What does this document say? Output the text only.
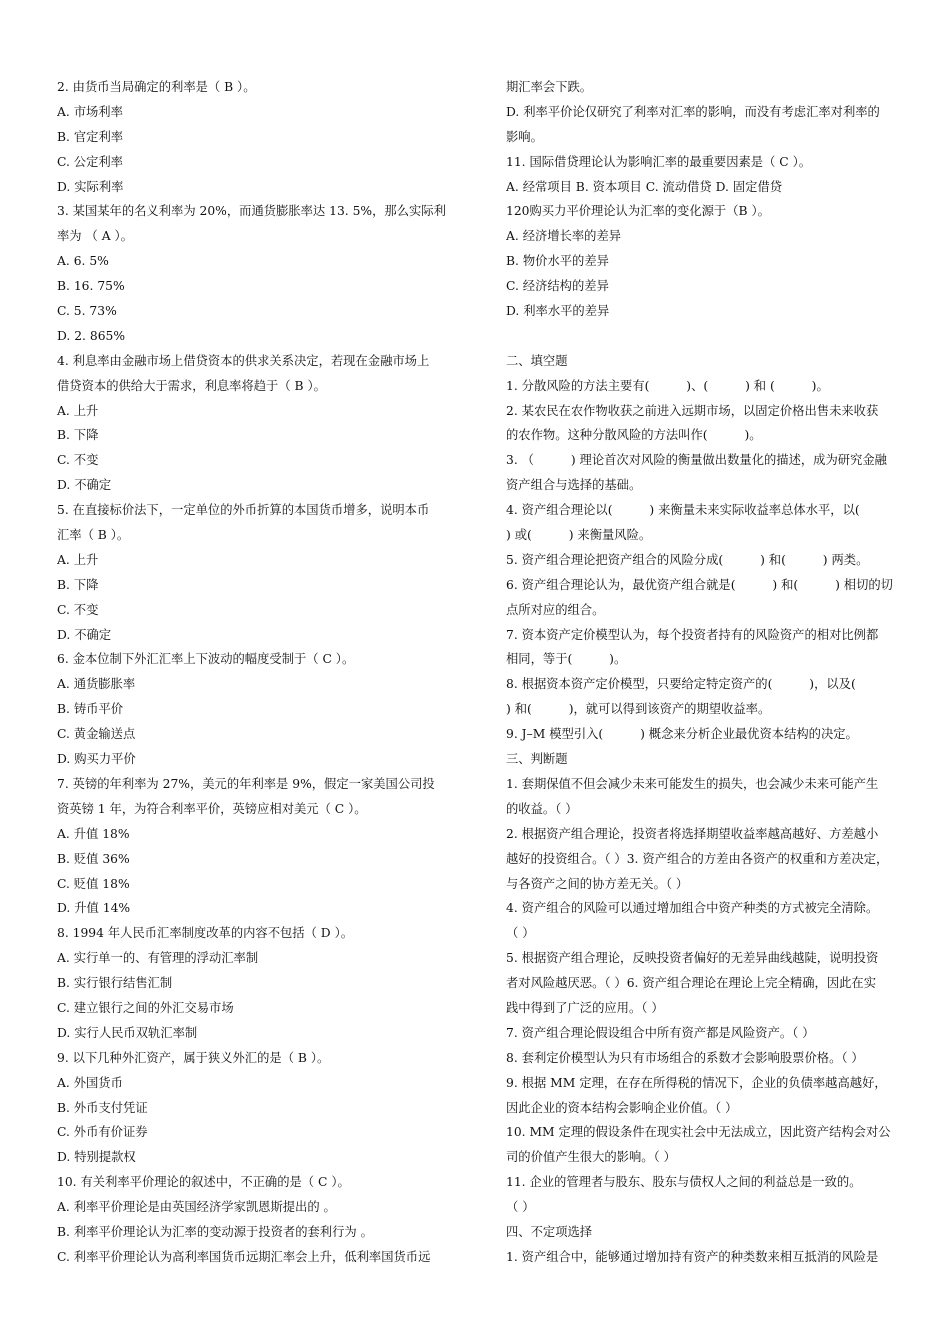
2. 由货币当局确定的利率是（ B ）。
A. 市场利率
B. 官定利率
C. 公定利率
D. 实际利率
3. 某国某年的名义利率为 20%，而通货膨胀率达 13. 5%，那么实际利
率为 （ A ）。
A. 6. 5%
B. 16. 75%
C. 5. 73%
D. 2. 865%
4. 利息率由金融市场上借贷资本的供求关系决定，若现在金融市场上
借贷资本的供给大于需求，利息率将趋于（ B ）。
A. 上升
B. 下降
C. 不变
D. 不确定
5. 在直接标价法下，一定单位的外币折算的本国货币增多，说明本币
汇率（ B ）。
A. 上升
B. 下降
C. 不变
D. 不确定
6. 金本位制下外汇汇率上下波动的幅度受制于（ C ）。
A. 通货膨胀率
B. 铸币平价
C. 黄金输送点
D. 购买力平价
7. 英镑的年利率为 27%，美元的年利率是 9%，假定一家美国公司投
资英镑 1 年，为符合利率平价，英镑应相对美元（ C ）。
A. 升值 18%
B. 贬值 36%
C. 贬值 18%
D. 升值 14%
8. 1994 年人民币汇率制度改革的内容不包括（ D ）。
A. 实行单一的、有管理的浮动汇率制
B. 实行银行结售汇制
C. 建立银行之间的外汇交易市场
D. 实行人民币双轨汇率制
9. 以下几种外汇资产，属于狭义外汇的是（ B ）。
A. 外国货币
B. 外币支付凭证
C. 外币有价证券
D. 特别提款权
10. 有关利率平价理论的叙述中，不正确的是（ C ）。
A. 利率平价理论是由英国经济学家凯恩斯提出的 。
B. 利率平价理论认为汇率的变动源于投资者的套利行为 。
C. 利率平价理论认为高利率国货币远期汇率会上升，低利率国货币远
期汇率会下跌。
D. 利率平价论仅研究了利率对汇率的影响，而没有考虑汇率对利率的
影响。
11. 国际借贷理论认为影响汇率的最重要因素是（ C ）。
A. 经常项目 B. 资本项目 C. 流动借贷 D. 固定借贷
120购买力平价理论认为汇率的变化源于（B ）。
A. 经济增长率的差异
B. 物价水平的差异
C. 经济结构的差异
D. 利率水平的差异
二、填空题
1. 分散风险的方法主要有(　　　)、(　　　) 和 (　　　)。
2. 某农民在农作物收获之前进入远期市场，以固定价格出售未来收获
的农作物。这种分散风险的方法叫作(　　　)。
3. （　　　) 理论首次对风险的衡量做出数量化的描述，成为研究金融
资产组合与选择的基础。
4. 资产组合理论以(　　　) 来衡量未来实际收益率总体水平，以(
) 或(　　　) 来衡量风险。
5. 资产组合理论把资产组合的风险分成(　　　) 和(　　　) 两类。
6. 资产组合理论认为，最优资产组合就是(　　　) 和(　　　) 相切的切
点所对应的组合。
7. 资本资产定价模型认为，每个投资者持有的风险资产的相对比例都
相同，等于(　　　)。
8. 根据资本资产定价模型，只要给定特定资产的(　　　)，以及(
) 和(　　　)，就可以得到该资产的期望收益率。
9. J–M 模型引入(　　　) 概念来分析企业最优资本结构的决定。
三、判断题
1. 套期保值不但会减少未来可能发生的损失，也会减少未来可能产生
的收益。（ ）
2. 根据资产组合理论，投资者将选择期望收益率越高越好、方差越小
越好的投资组合。（ ）3. 资产组合的方差由各资产的权重和方差决定，
与各资产之间的协方差无关。（ ）
4. 资产组合的风险可以通过增加组合中资产种类的方式被完全清除。
（ ）
5. 根据资产组合理论，反映投资者偏好的无差异曲线越陡，说明投资
者对风险越厌恶。（ ）6. 资产组合理论在理论上完全精确，因此在实
践中得到了广泛的应用。（ ）
7. 资产组合理论假设组合中所有资产都是风险资产。（ ）
8. 套利定价模型认为只有市场组合的系数才会影响股票价格。（ ）
9. 根据 MM 定理，在存在所得税的情况下，企业的负债率越高越好，
因此企业的资本结构会影响企业价值。（ ）
10. MM 定理的假设条件在现实社会中无法成立，因此资产结构会对公
司的价值产生很大的影响。（ ）
11. 企业的管理者与股东、股东与债权人之间的利益总是一致的。
（ ）
四、不定项选择
1. 资产组合中，能够通过增加持有资产的种类数来相互抵消的风险是
